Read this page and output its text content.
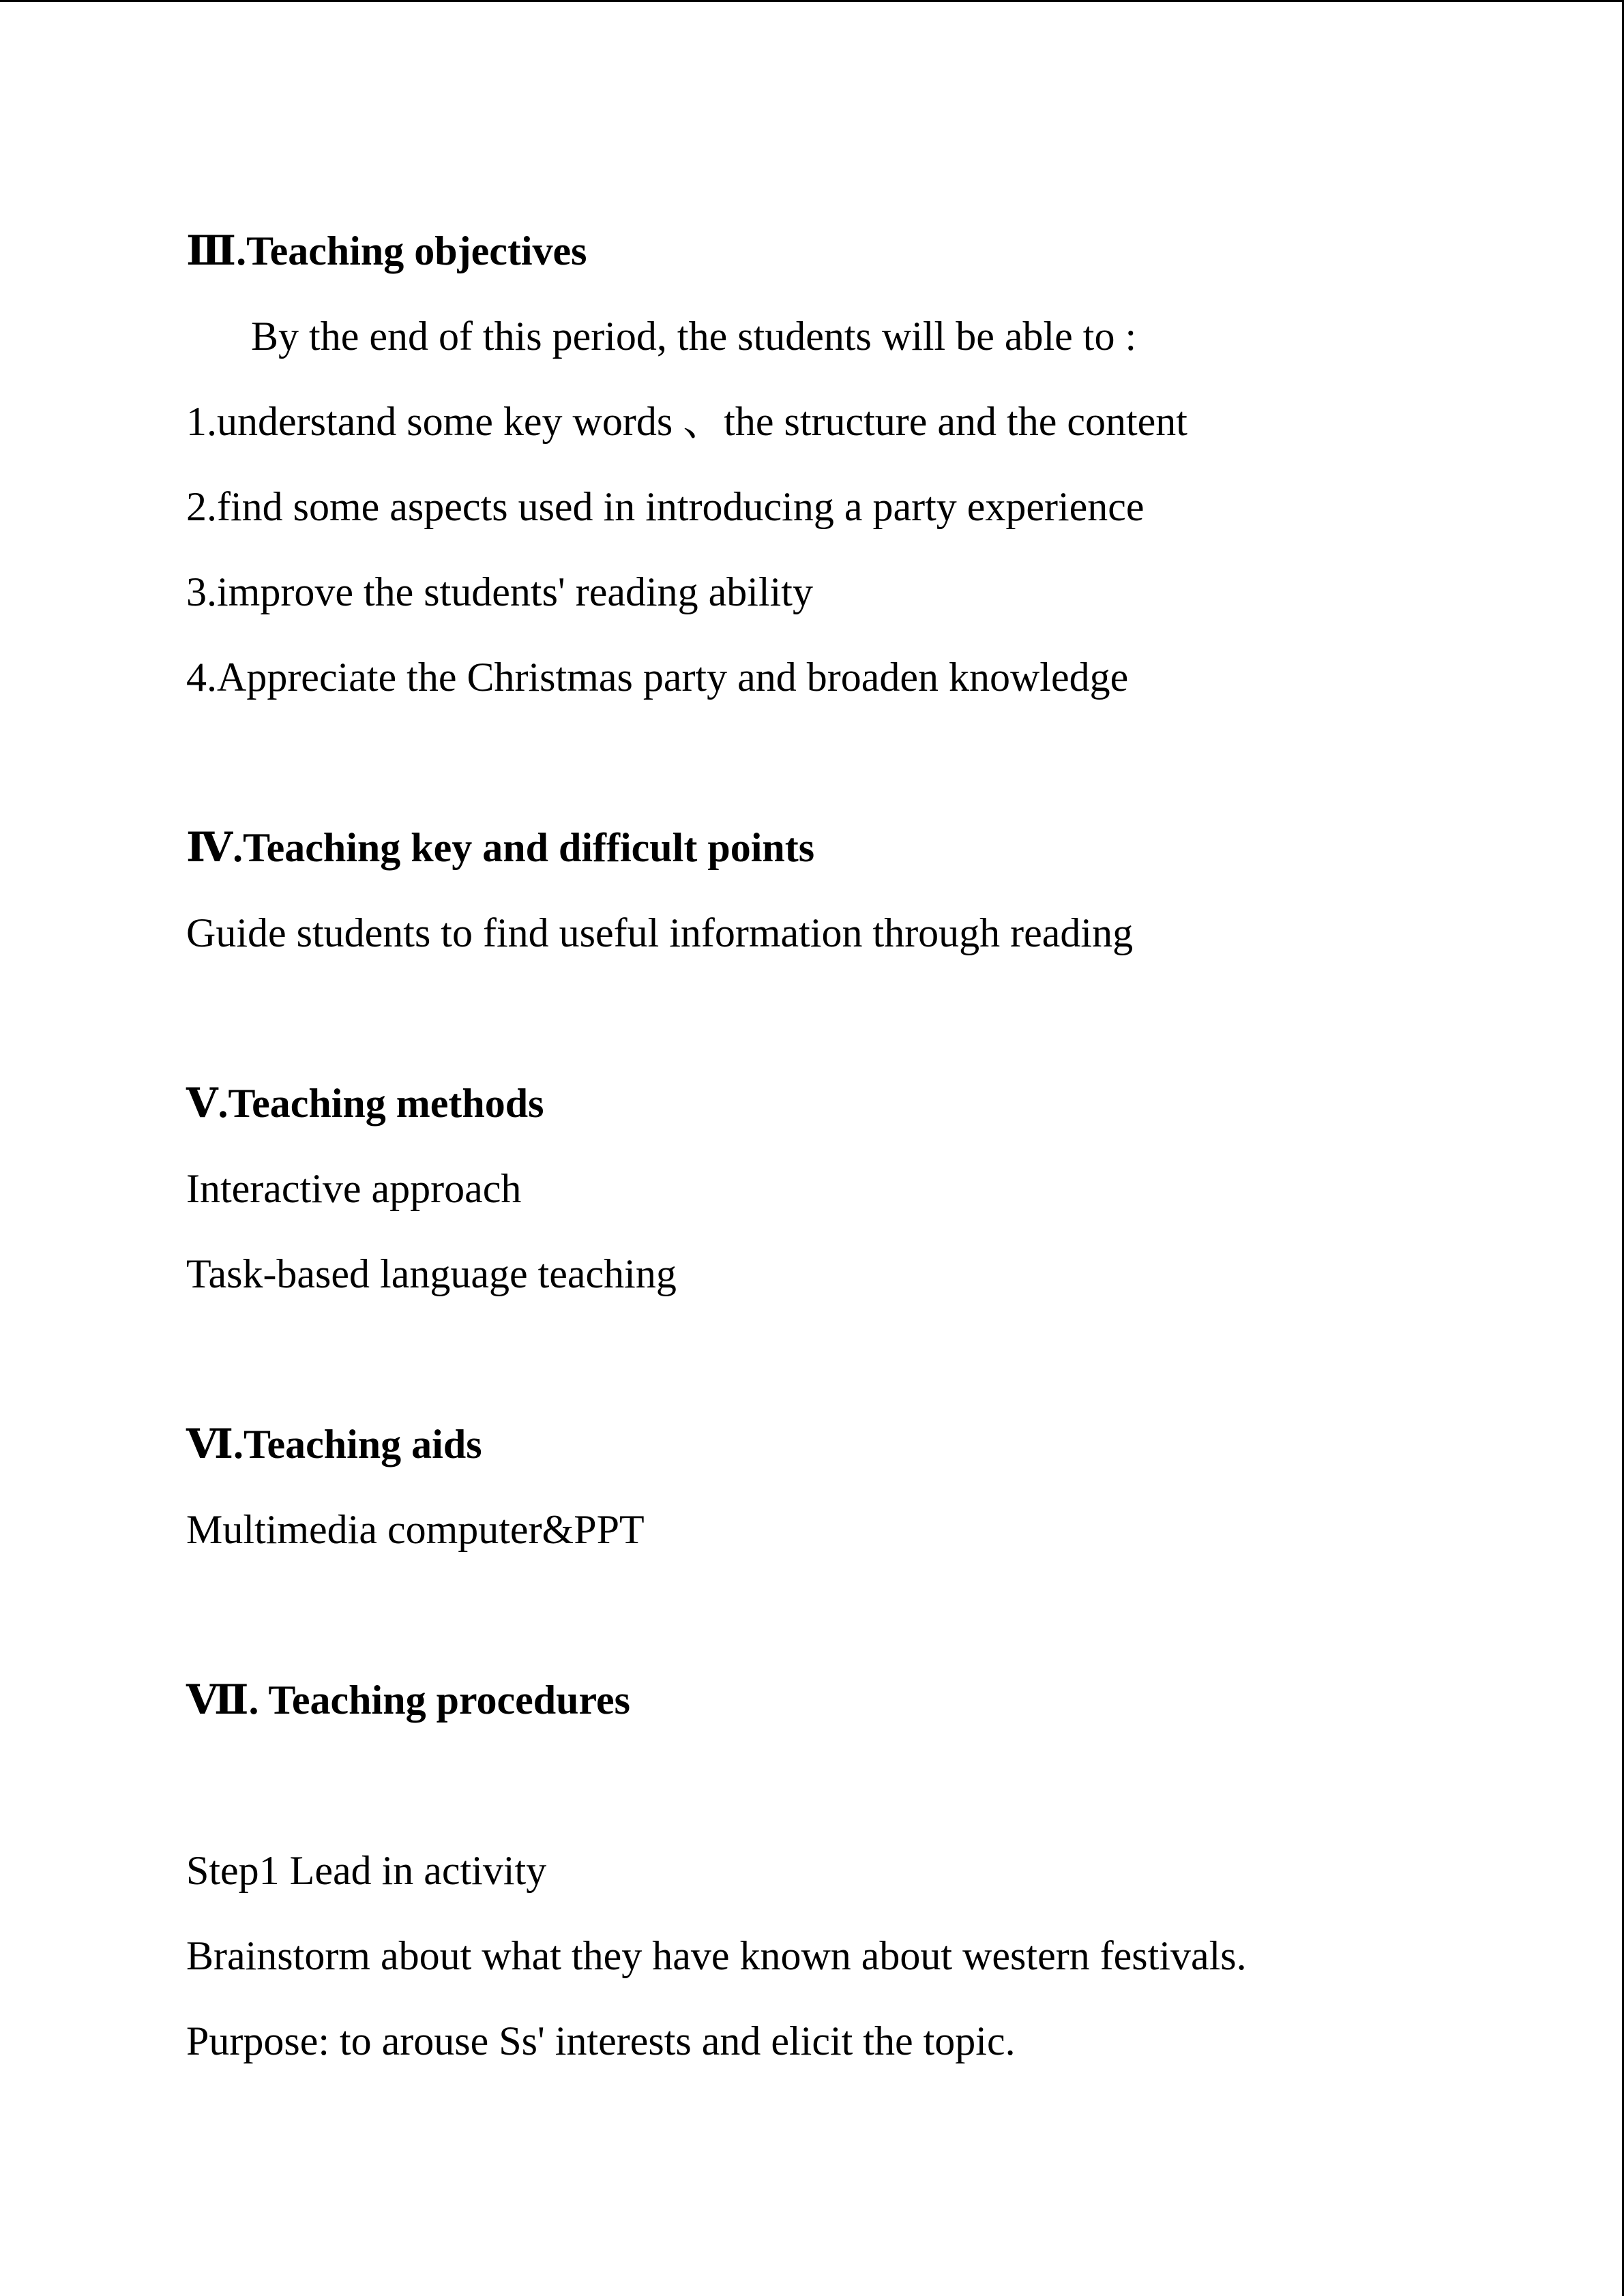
Ⅲ.Teaching objectives
By the end of this period, the students will be able to :
1.understand some key words 、the structure and the content
2.find some aspects used in introducing a party experience
3.improve the students' reading ability
4.Appreciate the Christmas party and broaden knowledge
Ⅳ.Teaching key and difficult points
Guide students to find useful information through reading
Ⅴ.Teaching methods
Interactive approach
Task-based language teaching
Ⅵ.Teaching aids
Multimedia computer&PPT
Ⅶ. Teaching procedures
Step1 Lead in activity
Brainstorm about what they have known about western festivals.
Purpose: to arouse Ss' interests and elicit the topic.
